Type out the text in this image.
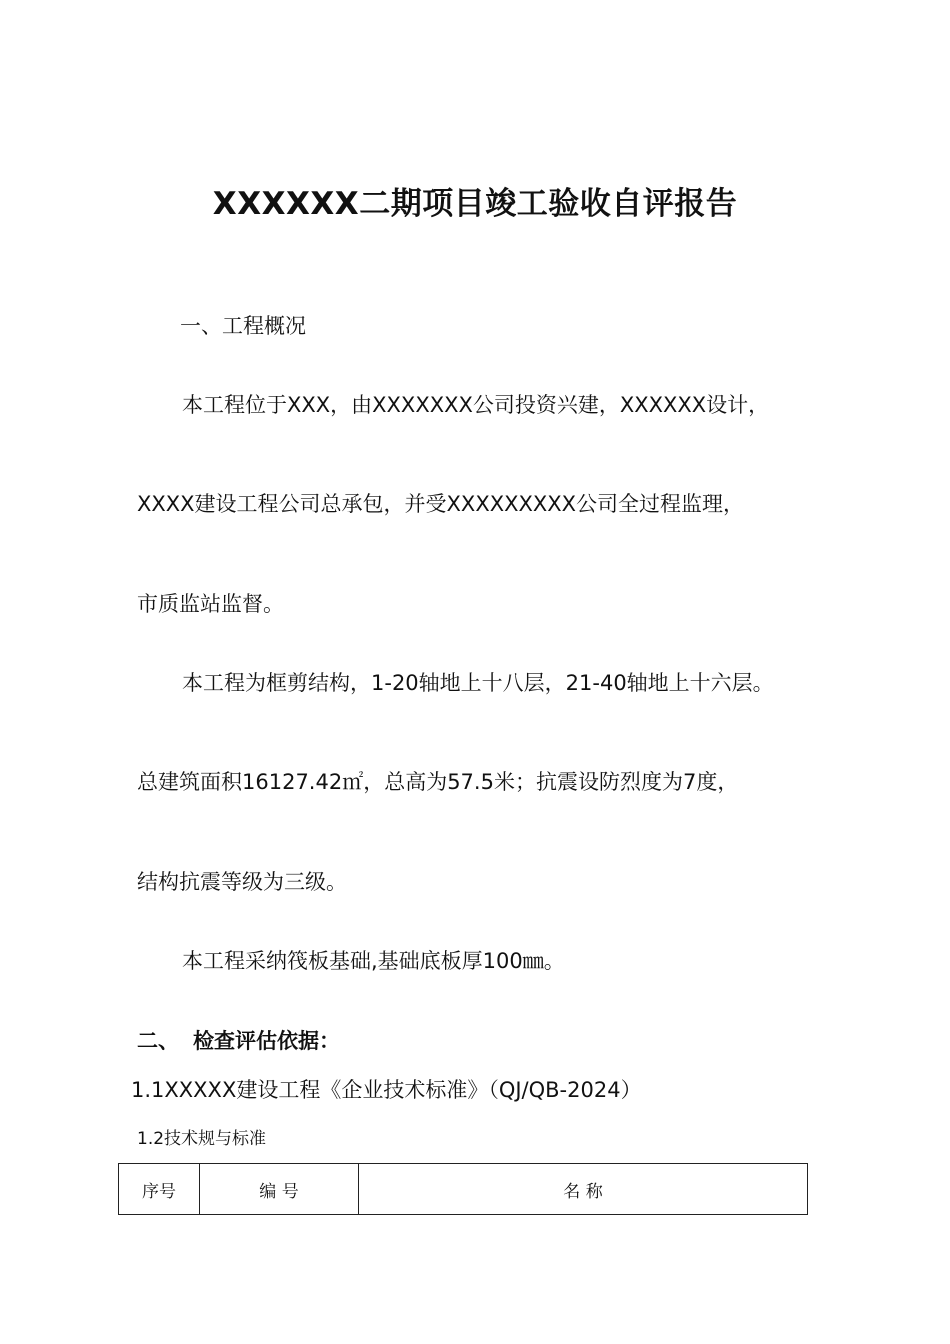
XXXXXX二期项目竣工验收自评报告
一、工程概况
本工程位于XXX，由XXXXXXX公司投资兴建，XXXXXX设计，
XXXX建设工程公司总承包，并受XXXXXXXXX公司全过程监理，
市质监站监督。
本工程为框剪结构，1-20轴地上十八层，21-40轴地上十六层。
总建筑面积16127.42㎡，总高为57.5米；抗震设防烈度为7度，
结构抗震等级为三级。
本工程采纳筏板基础,基础底板厚100㎜。
二、 检查评估依据：
1.1XXXXX建设工程《企业技术标准》（QJ/QB-2024）
1.2技术规与标准
序号	编 号	名 称
